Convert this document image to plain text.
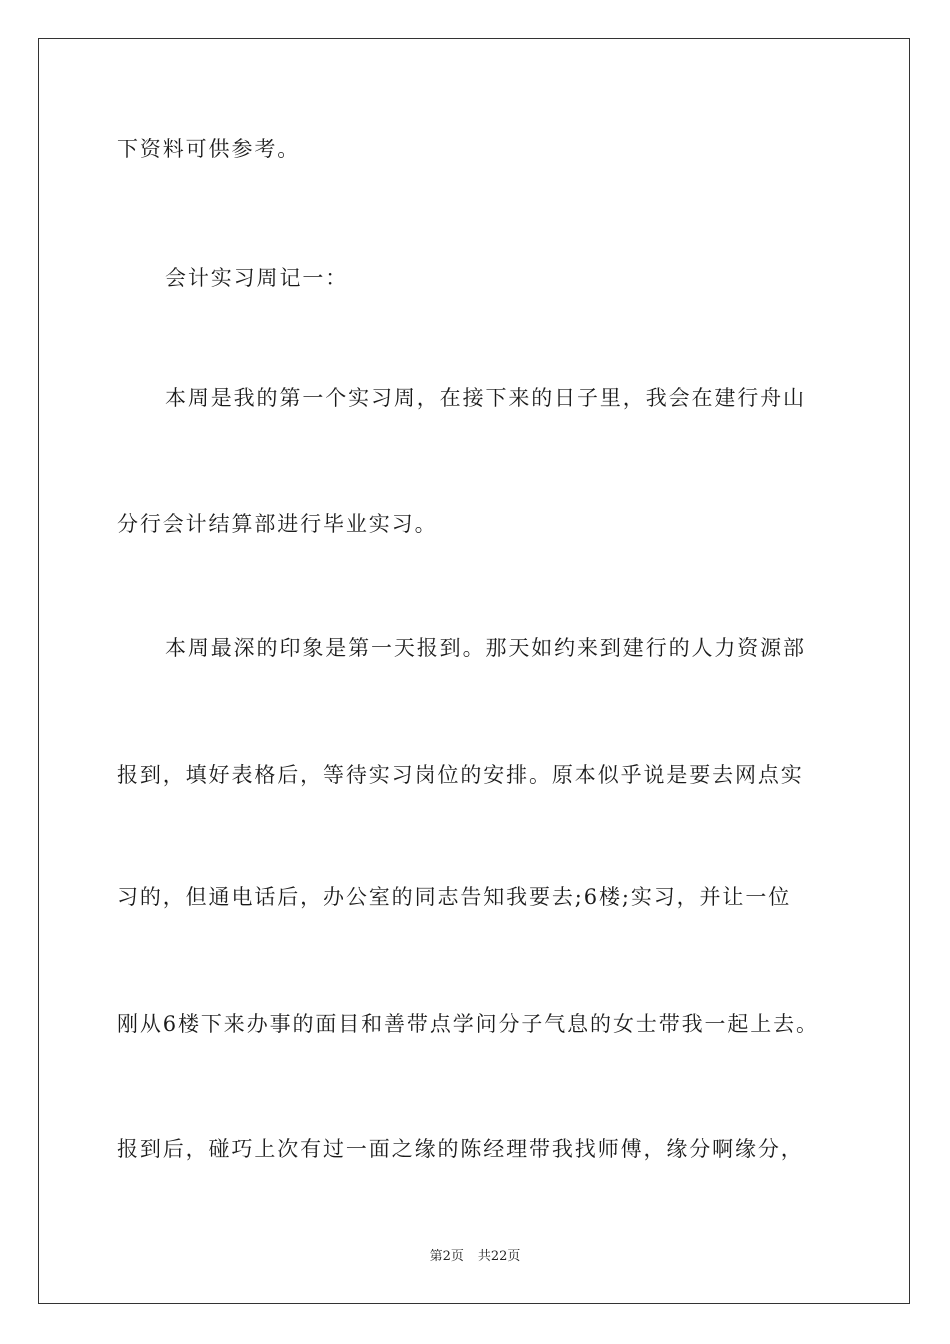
下资料可供参考。
会计实习周记一：
本周是我的第一个实习周，在接下来的日子里，我会在建行舟山
分行会计结算部进行毕业实习。
本周最深的印象是第一天报到。那天如约来到建行的人力资源部
报到，填好表格后，等待实习岗位的安排。原本似乎说是要去网点实
习的，但通电话后，办公室的同志告知我要去;6楼;实习，并让一位
刚从6楼下来办事的面目和善带点学问分子气息的女士带我一起上去。
报到后，碰巧上次有过一面之缘的陈经理带我找师傅，缘分啊缘分，
第2页 共22页
